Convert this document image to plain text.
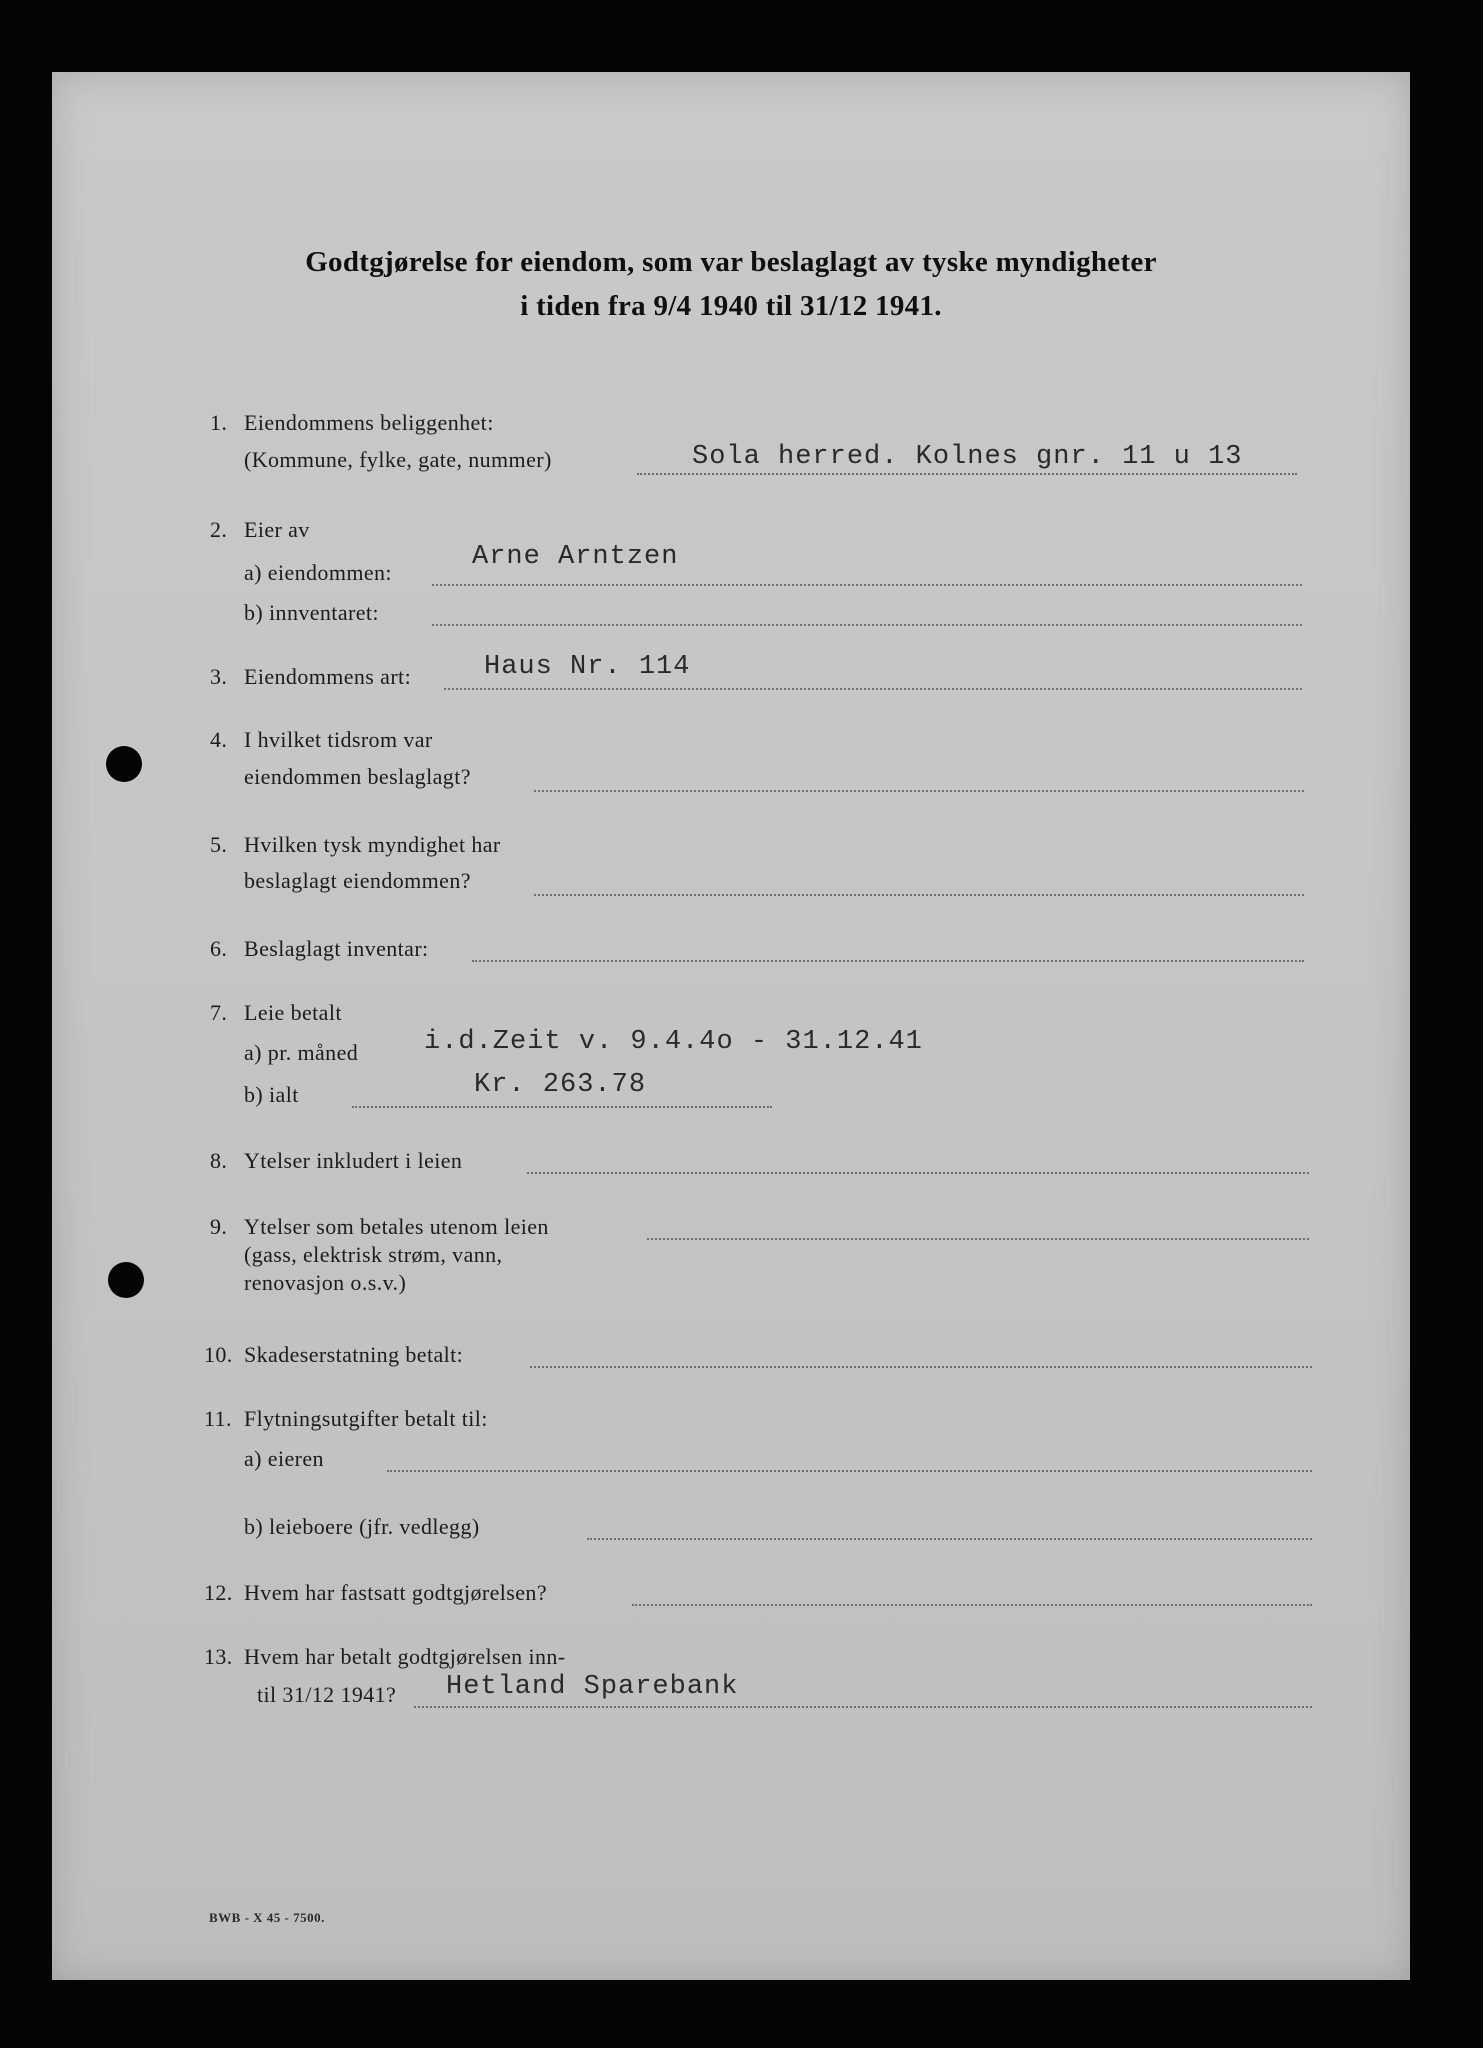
Godtgjørelse for eiendom, som var beslaglagt av tyske myndigheter
i tiden fra 9/4 1940 til 31/12 1941.
1. Eiendommens beliggenhet:
(Kommune, fylke, gate, nummer)	Sola herred. Kolnes gnr. 11 u 13
2. Eier av
a) eiendommen:
Arne Arntzen
b) innventaret:
3. Eiendommens art:	Haus Nr. 114
4. I hvilket tidsrom var
eiendommen beslaglagt?
5. Hvilken tysk myndighet har
beslaglagt eiendommen?
6. Beslaglagt inventar:
7. Leie betalt
a) pr. måned i.d.Zeit v. 9.4.4o - 31.12.41
b) ialt	Kr. 263.78
8. Ytelser inkludert i leien
9. Ytelser som betales utenom leien
(gass, elektrisk strøm, vann,
renovasjon o.s.v.)
10. Skadeserstatning betalt:
11. Flytningsutgifter betalt til:
a) eieren
b) leieboere (jfr. vedlegg)
12. Hvem har fastsatt godtgjørelsen?
13. Hvem har betalt godtgjørelsen inn-
til 31/12 1941? Hetland Sparebank
BWB - X 45 - 7500.
